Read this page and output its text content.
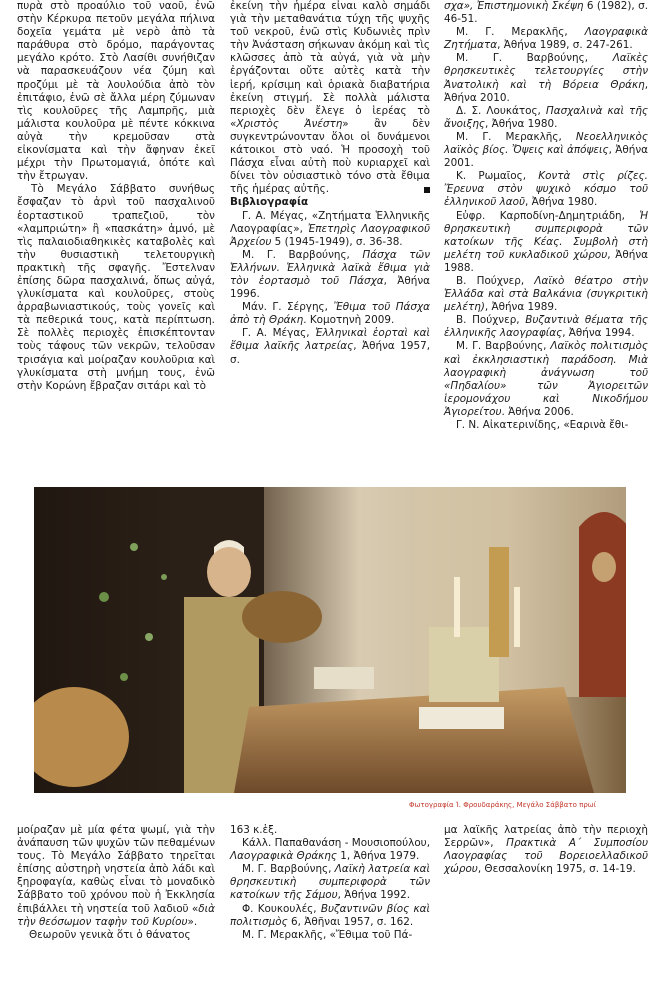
πυρὰ στὸ προαύλιο τοῦ ναοῦ, ἐνῶ στὴν Κέρκυρα πετοῦν μεγάλα πήλινα δοχεῖα γεμάτα μὲ νερὸ ἀπὸ τὰ παράθυρα στὸ δρόμο, παράγοντας μεγάλο κρότο. Στὸ Λασίθι συνήθιζαν νὰ παρασκευάζουν νέα ζύμη καὶ προζύμι μὲ τὰ λουλούδια ἀπὸ τὸν ἐπιτάφιο, ἐνῶ σὲ ἄλλα μέρη ζύμωναν τὶς κουλοῦρες τῆς Λαμπρῆς, μιὰ μάλιστα κουλοῦρα μὲ πέντε κόκκινα αὐγὰ τὴν κρεμοῦσαν στὰ εἰκονίσματα καὶ τὴν ἄφηναν ἐκεῖ μέχρι τὴν Πρωτομαγιά, ὁπότε καὶ τὴν ἔτρωγαν.

Τὸ Μεγάλο Σάββατο συνήθως ἔσφαζαν τὸ ἀρνὶ τοῦ πασχαλινοῦ ἑορταστικοῦ τραπεζιοῦ, τὸν «λαμπριώτη» ἢ «πασκάτη» ἀμνό, μὲ τὶς παλαιοδιαθηκικὲς καταβολὲς καὶ τὴν θυσιαστικὴ τελετουργικὴ πρακτικὴ τῆς σφαγῆς. Ἔστελναν ἐπίσης δῶρα πασχαλινά, ὅπως αὐγά, γλυκίσματα καὶ κουλοῦρες, στοὺς ἀρραβωνιαστικούς, τοὺς γονεῖς καὶ τὰ πεθερικά τους, κατὰ περίπτωση. Σὲ πολλὲς περιοχὲς ἐπισκέπτονταν τοὺς τάφους τῶν νεκρῶν, τελοῦσαν τρισάγια καὶ μοίραζαν κουλοῦρια καὶ γλυκίσματα στὴ μνήμη τους, ἐνῶ στὴν Κορώνη ἔβραζαν σιτάρι καὶ τὸ

ἐκείνη τὴν ἡμέρα εἶναι καλὸ σημάδι γιὰ τὴν μεταθανάτια τύχη τῆς ψυχῆς τοῦ νεκροῦ, ἐνῶ στὶς Κυδωνιὲς πρὶν τὴν Ἀνάσταση σήκωναν ἀκόμη καὶ τὶς κλῶσσες ἀπὸ τὰ αὐγά, γιὰ νὰ μὴν ἐργάζονται οὔτε αὐτὲς κατὰ τὴν ἱερή, κρίσιμη καὶ ὁριακὰ διαβατήρια ἐκείνη στιγμή. Σὲ πολλὰ μάλιστα περιοχὲς δὲν ἔλεγε ὁ ἱερέας τὸ «Χριστὸς Ἀνέστη» ἂν δὲν συγκεντρώνονταν ὅλοι οἱ δυνάμενοι κάτοικοι στὸ ναό. Ἡ προσοχὴ τοῦ Πάσχα εἶναι αὐτὴ ποὺ κυριαρχεῖ καὶ δίνει τὸν οὐσιαστικὸ τόνο στὰ ἔθιμα τῆς ἡμέρας αὐτῆς.

Βιβλιογραφία

Γ. Α. Μέγας, «Ζητήματα Ἑλληνικῆς Λαογραφίας», Ἐπετηρὶς Λαογραφικοῦ Ἀρχείου 5 (1945-1949), σ. 36-38.

Μ. Γ. Βαρβούνης, Πάσχα τῶν Ἑλλήνων. Ἑλληνικὰ λαϊκὰ ἔθιμα γιὰ τὸν ἑορτασμὸ τοῦ Πάσχα, Ἀθήνα 1996.

Μάν. Γ. Σέργης, Ἔθιμα τοῦ Πάσχα ἀπὸ τὴ Θράκη. Κομοτηνὴ 2009.

Γ. Α. Μέγας, Ἑλληνικαὶ ἑορταὶ καὶ ἔθιμα λαϊκῆς λατρείας, Ἀθήνα 1957, σ.

σχα», Ἐπιστημονικὴ Σκέψη 6 (1982), σ. 46-51.

Μ. Γ. Μερακλῆς, Λαογραφικὰ Ζητήματα, Ἀθήνα 1989, σ. 247-261.

Μ. Γ. Βαρβούνης, Λαϊκὲς θρησκευτικὲς τελετουργίες στὴν Ἀνατολικὴ καὶ τὴ Βόρεια Θράκη, Ἀθήνα 2010.

Δ. Σ. Λουκάτος, Πασχαλινὰ καὶ τῆς ἄνοιξης, Ἀθήνα 1980.

Μ. Γ. Μερακλῆς, Νεοελληνικὸς λαϊκὸς βίος. Ὄψεις καὶ ἀπόψεις, Ἀθήνα 2001.

Κ. Ρωμαῖος, Κοντὰ στὶς ρίζες. Ἔρευνα στὸν ψυχικὸ κόσμο τοῦ ἑλληνικοῦ λαοῦ, Ἀθήνα 1980.

Εὐφρ. Καρποδίνη-Δημητριάδη, Ἡ θρησκευτικὴ συμπεριφορὰ τῶν κατοίκων τῆς Κέας. Συμβολὴ στὴ μελέτη τοῦ κυκλαδικοῦ χώρου, Ἀθήνα 1988.

Β. Πούχνερ, Λαϊκὸ θέατρο στὴν Ἑλλάδα καὶ στὰ Βαλκάνια (συγκριτικὴ μελέτη), Ἀθήνα 1989.

Β. Πούχνερ, Βυζαντινὰ θέματα τῆς ἑλληνικῆς λαογραφίας, Ἀθήνα 1994.

Μ. Γ. Βαρβούνης, Λαϊκὸς πολιτισμὸς καὶ ἐκκλησιαστικὴ παράδοση. Μιὰ λαογραφικὴ ἀνάγνωση τοῦ «Πηδαλίου» τῶν Ἁγιορειτῶν ἱερομονάχου καὶ Νικοδήμου Ἁγιορείτου. Ἀθήνα 2006.

Γ. Ν. Αἰκατερινίδης, «Εαρινὰ ἔθι-

Φωτογραφία Ί. Φρουδαράκης, Μεγάλο Σάββατο πρωί

μοίραζαν μὲ μία φέτα ψωμί, γιὰ τὴν ἀνάπαυση τῶν ψυχῶν τῶν πεθαμένων τους. Τὸ Μεγάλο Σάββατο τηρεῖται ἐπίσης αὐστηρὴ νηστεία ἀπὸ λάδι καὶ ξηροφαγία, καθὼς εἶναι τὸ μοναδικὸ Σάββατο τοῦ χρόνου ποὺ ἡ Ἐκκλησία ἐπιβάλλει τὴ νηστεία τοῦ λαδιοῦ «διὰ τὴν θεόσωμον ταφὴν τοῦ Κυρίου».

Θεωροῦν γενικὰ ὅτι ὁ θάνατος

163 κ.ἑξ.

Κάλλ. Παπαθανάση - Μουσιοπούλου, Λαογραφικὰ Θράκης 1, Ἀθήνα 1979.

Μ. Γ. Βαρβούνης, Λαϊκὴ λατρεία καὶ θρησκευτικὴ συμπεριφορὰ τῶν κατοίκων τῆς Σάμου, Ἀθήνα 1992.

Φ. Κουκουλές, Βυζαντινῶν βίος καὶ πολιτισμὸς 6, Ἀθῆναι 1957, σ. 162.

Μ. Γ. Μερακλῆς, «Ἔθιμα τοῦ Πά-

μα λαϊκῆς λατρείας ἀπὸ τὴν περιοχὴ Σερρῶν», Πρακτικὰ Α΄ Συμποσίου Λαογραφίας τοῦ Βορειοελλαδικοῦ χώρου, Θεσσαλονίκη 1975, σ. 14-19.
